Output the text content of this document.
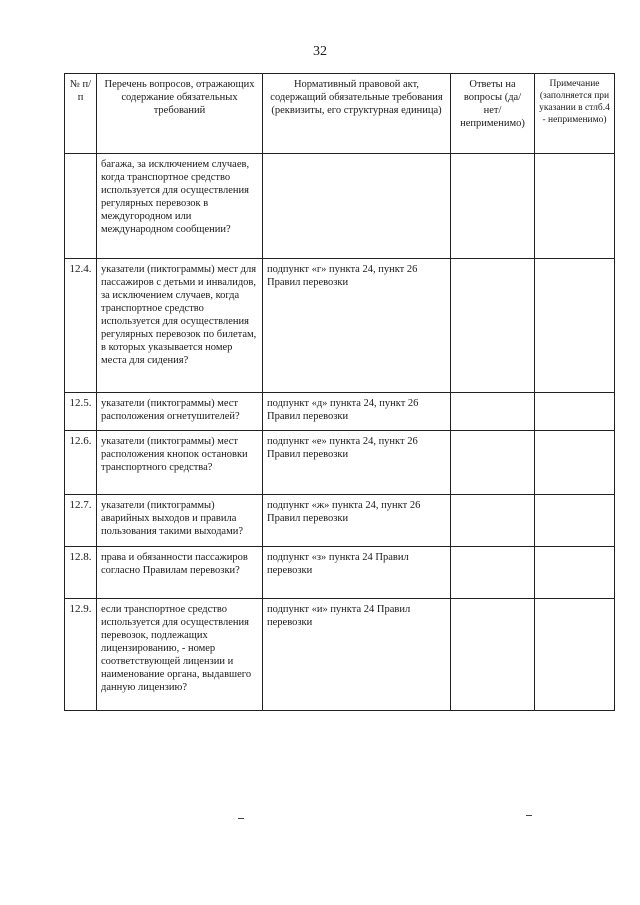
32
№ п/п	Перечень вопросов, отражающих содержание обязательных требований	Нормативный правовой акт, содержащий обязательные требования (реквизиты, его структурная единица)	Ответы на вопросы (да/нет/ неприменимо)	Примечание (заполняется при указании в стлб.4 - неприменимо)
	багажа, за исключением случаев, когда транспортное средство используется для осуществления регулярных перевозок в междугородном или международном сообщении?			
12.4.	указатели (пиктограммы) мест для пассажиров с детьми и инвалидов, за исключением случаев, когда транспортное средство используется для осуществления регулярных перевозок по билетам, в которых указывается номер места для сидения?	подпункт «г» пункта 24, пункт 26 Правил перевозки		
12.5.	указатели (пиктограммы) мест расположения огнетушителей?	подпункт «д» пункта 24, пункт 26 Правил перевозки		
12.6.	указатели (пиктограммы) мест расположения кнопок остановки транспортного средства?	подпункт «е» пункта 24, пункт 26 Правил перевозки		
12.7.	указатели (пиктограммы) аварийных выходов и правила пользования такими выходами?	подпункт «ж» пункта 24, пункт 26 Правил перевозки		
12.8.	права и обязанности пассажиров согласно Правилам перевозки?	подпункт «з» пункта 24 Правил перевозки		
12.9.	если транспортное средство используется для осуществления перевозок, подлежащих лицензированию, - номер соответствующей лицензии и наименование органа, выдавшего данную лицензию?	подпункт «и» пункта 24 Правил перевозки		
